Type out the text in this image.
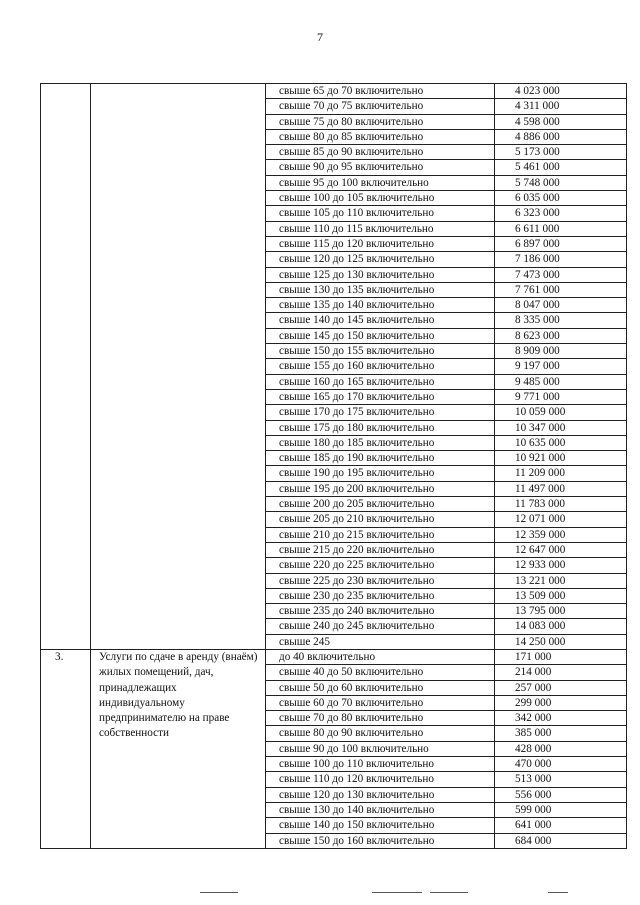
7
		свыше 65 до 70 включительно	4 023 000
		свыше 70 до 75 включительно	4 311 000
		свыше 75 до 80 включительно	4 598 000
		свыше 80 до 85 включительно	4 886 000
		свыше 85 до 90 включительно	5 173 000
		свыше 90 до 95 включительно	5 461 000
		свыше 95 до 100 включительно	5 748 000
		свыше 100 до 105 включительно	6 035 000
		свыше 105 до 110 включительно	6 323 000
		свыше 110 до 115 включительно	6 611 000
		свыше 115 до 120 включительно	6 897 000
		свыше 120 до 125 включительно	7 186 000
		свыше 125 до 130 включительно	7 473 000
		свыше 130 до 135 включительно	7 761 000
		свыше 135 до 140 включительно	8 047 000
		свыше 140 до 145 включительно	8 335 000
		свыше 145 до 150 включительно	8 623 000
		свыше 150 до 155 включительно	8 909 000
		свыше 155 до 160 включительно	9 197 000
		свыше 160 до 165 включительно	9 485 000
		свыше 165 до 170 включительно	9 771 000
		свыше 170 до 175 включительно	10 059 000
		свыше 175 до 180 включительно	10 347 000
		свыше 180 до 185 включительно	10 635 000
		свыше 185 до 190 включительно	10 921 000
		свыше 190 до 195 включительно	11 209 000
		свыше 195 до 200 включительно	11 497 000
		свыше 200 до 205 включительно	11 783 000
		свыше 205 до 210 включительно	12 071 000
		свыше 210 до 215 включительно	12 359 000
		свыше 215 до 220 включительно	12 647 000
		свыше 220 до 225 включительно	12 933 000
		свыше 225 до 230 включительно	13 221 000
		свыше 230 до 235 включительно	13 509 000
		свыше 235 до 240 включительно	13 795 000
		свыше 240 до 245 включительно	14 083 000
		свыше 245	14 250 000
3.	Услуги по сдаче в аренду (внаём) жилых помещений, дач, принадлежащих индивидуальному предпринимателю на праве собственности	до 40 включительно	171 000
		свыше 40 до 50 включительно	214 000
		свыше 50 до 60 включительно	257 000
		свыше 60 до 70 включительно	299 000
		свыше 70 до 80 включительно	342 000
		свыше 80 до 90 включительно	385 000
		свыше 90 до 100 включительно	428 000
		свыше 100 до 110 включительно	470 000
		свыше 110 до 120 включительно	513 000
		свыше 120 до 130 включительно	556 000
		свыше 130 до 140 включительно	599 000
		свыше 140 до 150 включительно	641 000
		свыше 150 до 160 включительно	684 000
